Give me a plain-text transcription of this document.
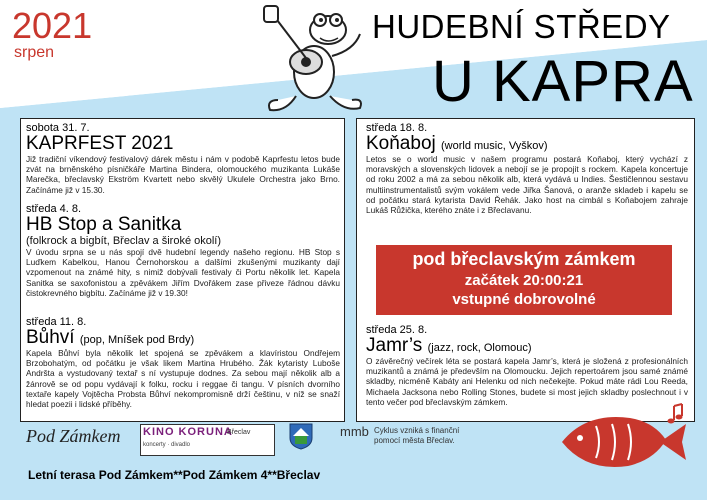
2021
srpen
HUDEBNÍ STŘEDY
U KAPRA
sobota 31. 7.
KAPRFEST 2021
Již tradiční víkendový festivalový dárek městu i nám v podobě Kaprfestu letos bude zvát na brněnského písničkáře Martina Bindera, olomouckého muzikanta Lukáše Marečka, břeclavský Ekström Kvartett nebo skvělý Ukulele Orchestra jako Brno. Začínáme již v 15.30.
středa 4. 8.
HB Stop a Sanitka
(folkrock a bigbít, Břeclav a široké okolí)
V úvodu srpna se u nás spojí dvě hudební legendy našeho regionu. HB Stop s Luďkem Kabelkou, Hanou Černohorskou a dalšími zkušenými muzikanty dají vzpomenout na známé hity, s nimiž dobývali festivaly či Portu několik let. Kapela Sanitka se saxofonistou a zpěvákem Jiřím Dvořákem zase přiveze řádnou dávku čistokrevného bigbítu. Začínáme již v 19.30!
středa 11. 8.
Bůhví (pop, Mníšek pod Brdy)
Kapela Bůhví byla několik let spojená se zpěvákem a klavíristou Ondřejem Brzobohatým, od počátku je však likem Martina Hrubého. Žák kytaristy Luboše Andršta a vystudovaný textař s ní vystupuje dodnes. Za sebou mají několik alb a žánrově se od popu vydávají k folku, rocku i reggae či tangu. V písních dvorního textaře kapely Vojtěcha Probsta Bůhví nekompromisně drží češtinu, v níž se snaží hledat poezii i lidské příběhy.
středa 18. 8.
Koňaboj (world music, Vyškov)
Letos se o world music v našem programu postará Koňaboj, který vychází z moravských a slovenských lidovek a nebojí se je propojit s rockem. Kapela koncertuje od roku 2002 a má za sebou několik alb, která vydává u Indies. Šestičlennou sestavu multiinstrumentalistů svým vokálem vede Jiřka Šanová, o aranže skladeb i kapelu se od počátku stará kytarista David Řehák. Jako host na cimbál s Koňabojem zahraje Lukáš Růžička, kterého znáte i z Břeclavanu.
pod břeclavským zámkem
začátek 20:00:21
vstupné dobrovolné
středa 25. 8.
Jamr’s (jazz, rock, Olomouc)
O závěrečný večírek léta se postará kapela Jamr’s, která je složená z profesionálních muzikantů a známá je především na Olomoucku. Jejich repertoárem jsou samé známé skladby, nicméně Kabáty ani Helenku od nich nečekejte. Pokud máte rádi Lou Reeda, Michaela Jacksona nebo Rolling Stones, budete si most jejich skladby poslechnout i v tento večer pod břeclavským zámkem.
Pod Zámkem KINO KORUNA
Břeclav
koncerty · divadlo
mmb Cyklus vzniká s finanční
pomocí města Břeclav.
Letní terasa Pod Zámkem**Pod Zámkem 4**Břeclav
